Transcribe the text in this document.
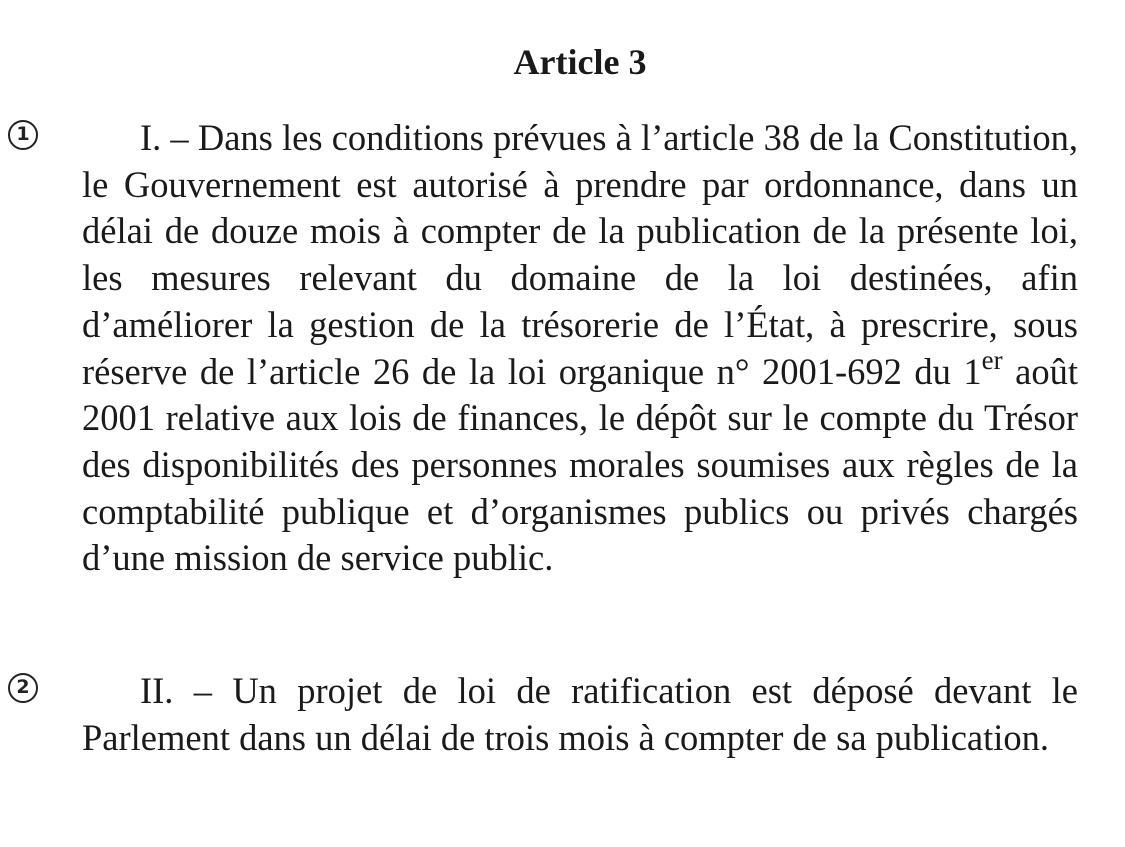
Article 3
1	I. – Dans les conditions prévues à l’article 38 de la Constitution, le Gouvernement est autorisé à prendre par ordonnance, dans un délai de douze mois à compter de la publication de la présente loi, les mesures relevant du domaine de la loi destinées, afin d’améliorer la gestion de la trésorerie de l’État, à prescrire, sous réserve de l’article 26 de la loi organique n° 2001-692 du 1er août 2001 relative aux lois de finances, le dépôt sur le compte du Trésor des disponibilités des personnes morales soumises aux règles de la comptabilité publique et d’organismes publics ou privés chargés d’une mission de service public.

2	II. – Un projet de loi de ratification est déposé devant le Parlement dans un délai de trois mois à compter de sa publication.
